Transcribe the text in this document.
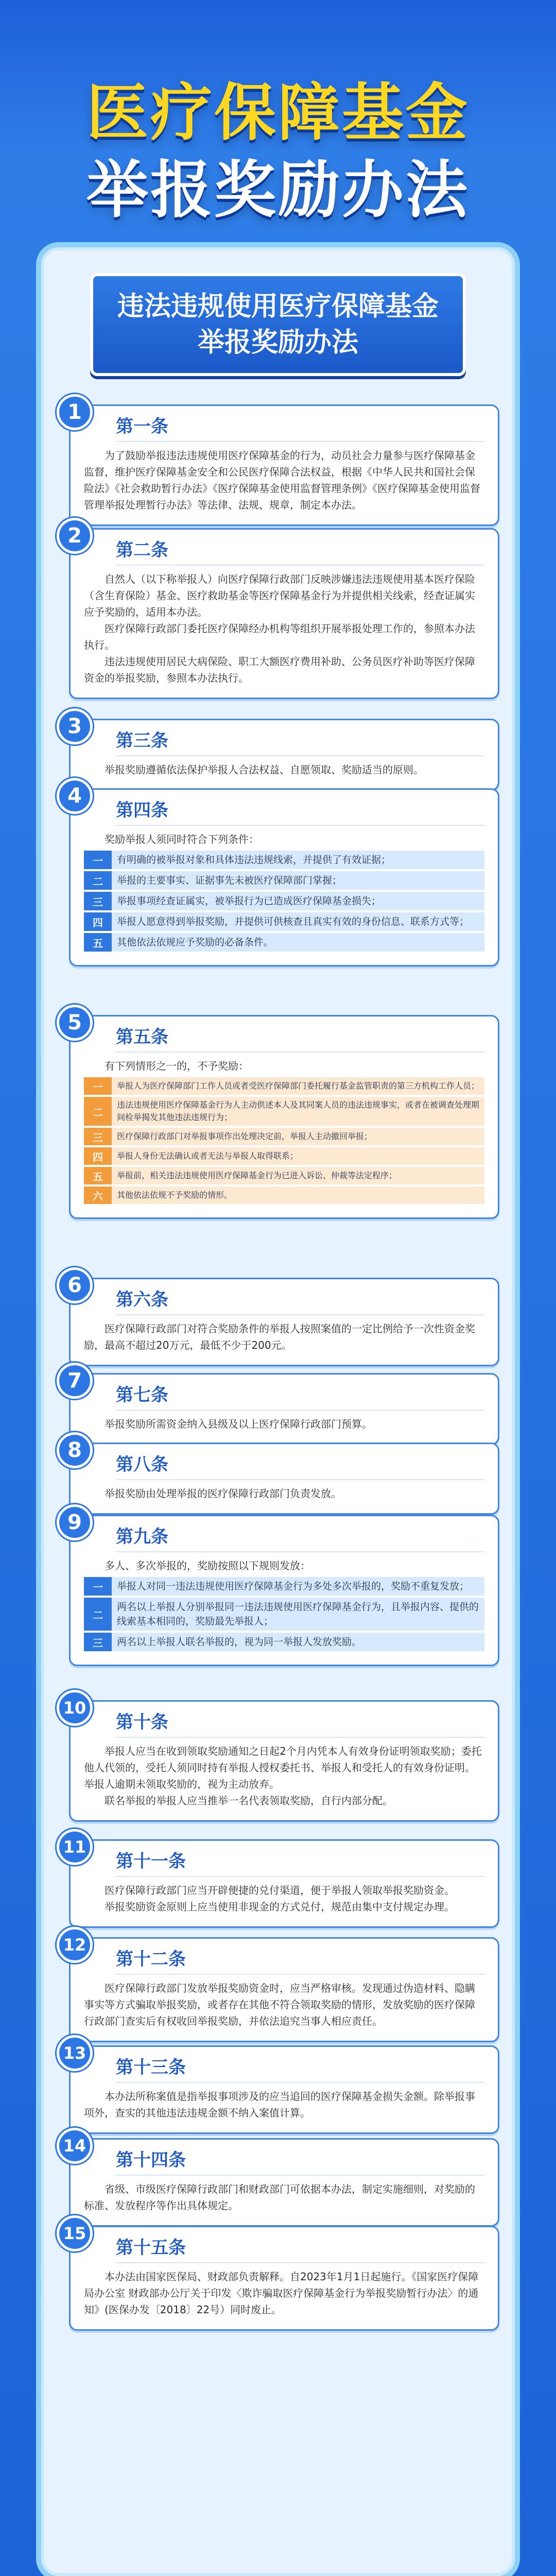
医疗保障基金
举报奖励办法
违法违规使用医疗保障基金
举报奖励办法
1
第一条

为了鼓励举报违法违规使用医疗保障基金的行为，动员社会力量参与医疗保障基金监督，维护医疗保障基金安全和公民医疗保障合法权益，根据《中华人民共和国社会保险法》《社会救助暂行办法》《医疗保障基金使用监督管理条例》《医疗保障基金使用监督管理举报处理暂行办法》等法律、法规、规章，制定本办法。

2
第二条

自然人（以下称举报人）向医疗保障行政部门反映涉嫌违法违规使用基本医疗保险（含生育保险）基金、医疗救助基金等医疗保障基金行为并提供相关线索，经查证属实应予奖励的，适用本办法。

医疗保障行政部门委托医疗保障经办机构等组织开展举报处理工作的，参照本办法执行。

违法违规使用居民大病保险、职工大额医疗费用补助、公务员医疗补助等医疗保障资金的举报奖励，参照本办法执行。

3
第三条

举报奖励遵循依法保护举报人合法权益、自愿领取、奖励适当的原则。

4
第四条

奖励举报人须同时符合下列条件：

一	有明确的被举报对象和具体违法违规线索，并提供了有效证据；
二	举报的主要事实、证据事先未被医疗保障部门掌握；
三	举报事项经查证属实，被举报行为已造成医疗保障基金损失；
四	举报人愿意得到举报奖励，并提供可供核查且真实有效的身份信息、联系方式等；
五	其他依法依规应予奖励的必备条件。
5
第五条

有下列情形之一的，不予奖励：

一	举报人为医疗保障部门工作人员或者受医疗保障部门委托履行基金监管职责的第三方机构工作人员；
二
违法违规使用医疗保障基金行为人主动供述本人及其同案人员的违法违规事实，或者在被调查处理期间检举揭发其他违法违规行为；
三	医疗保障行政部门对举报事项作出处理决定前，举报人主动撤回举报；
四	举报人身份无法确认或者无法与举报人取得联系；
五	举报前，相关违法违规使用医疗保障基金行为已进入诉讼、仲裁等法定程序；
六	其他依法依规不予奖励的情形。
6
第六条

医疗保障行政部门对符合奖励条件的举报人按照案值的一定比例给予一次性资金奖励，最高不超过20万元，最低不少于200元。

7
第七条

举报奖励所需资金纳入县级及以上医疗保障行政部门预算。

8
第八条

举报奖励由处理举报的医疗保障行政部门负责发放。

9
第九条

多人、多次举报的，奖励按照以下规则发放：

一	举报人对同一违法违规使用医疗保障基金行为多处多次举报的，奖励不重复发放；
二
两名以上举报人分别举报同一违法违规使用医疗保障基金行为，且举报内容、提供的线索基本相同的，奖励最先举报人；
三	两名以上举报人联名举报的，视为同一举报人发放奖励。
10
第十条

举报人应当在收到领取奖励通知之日起2个月内凭本人有效身份证明领取奖励；委托他人代领的，受托人须同时持有举报人授权委托书、举报人和受托人的有效身份证明。举报人逾期未领取奖励的，视为主动放弃。

联名举报的举报人应当推举一名代表领取奖励，自行内部分配。

11
第十一条

医疗保障行政部门应当开辟便捷的兑付渠道，便于举报人领取举报奖励资金。

举报奖励资金原则上应当使用非现金的方式兑付，规范由集中支付规定办理。

12
第十二条

医疗保障行政部门发放举报奖励资金时，应当严格审核。发现通过伪造材料、隐瞒事实等方式骗取举报奖励，或者存在其他不符合领取奖励的情形，发放奖励的医疗保障行政部门查实后有权收回举报奖励，并依法追究当事人相应责任。

13
第十三条

本办法所称案值是指举报事项涉及的应当追回的医疗保障基金损失金额。除举报事项外，查实的其他违法违规金额不纳入案值计算。

14
第十四条

省级、市级医疗保障行政部门和财政部门可依据本办法，制定实施细则，对奖励的标准、发放程序等作出具体规定。

15
第十五条

本办法由国家医保局、财政部负责解释。自2023年1月1日起施行。《国家医疗保障局办公室 财政部办公厅关于印发〈欺诈骗取医疗保障基金行为举报奖励暂行办法〉的通知》(医保办发〔2018〕22号）同时废止。
